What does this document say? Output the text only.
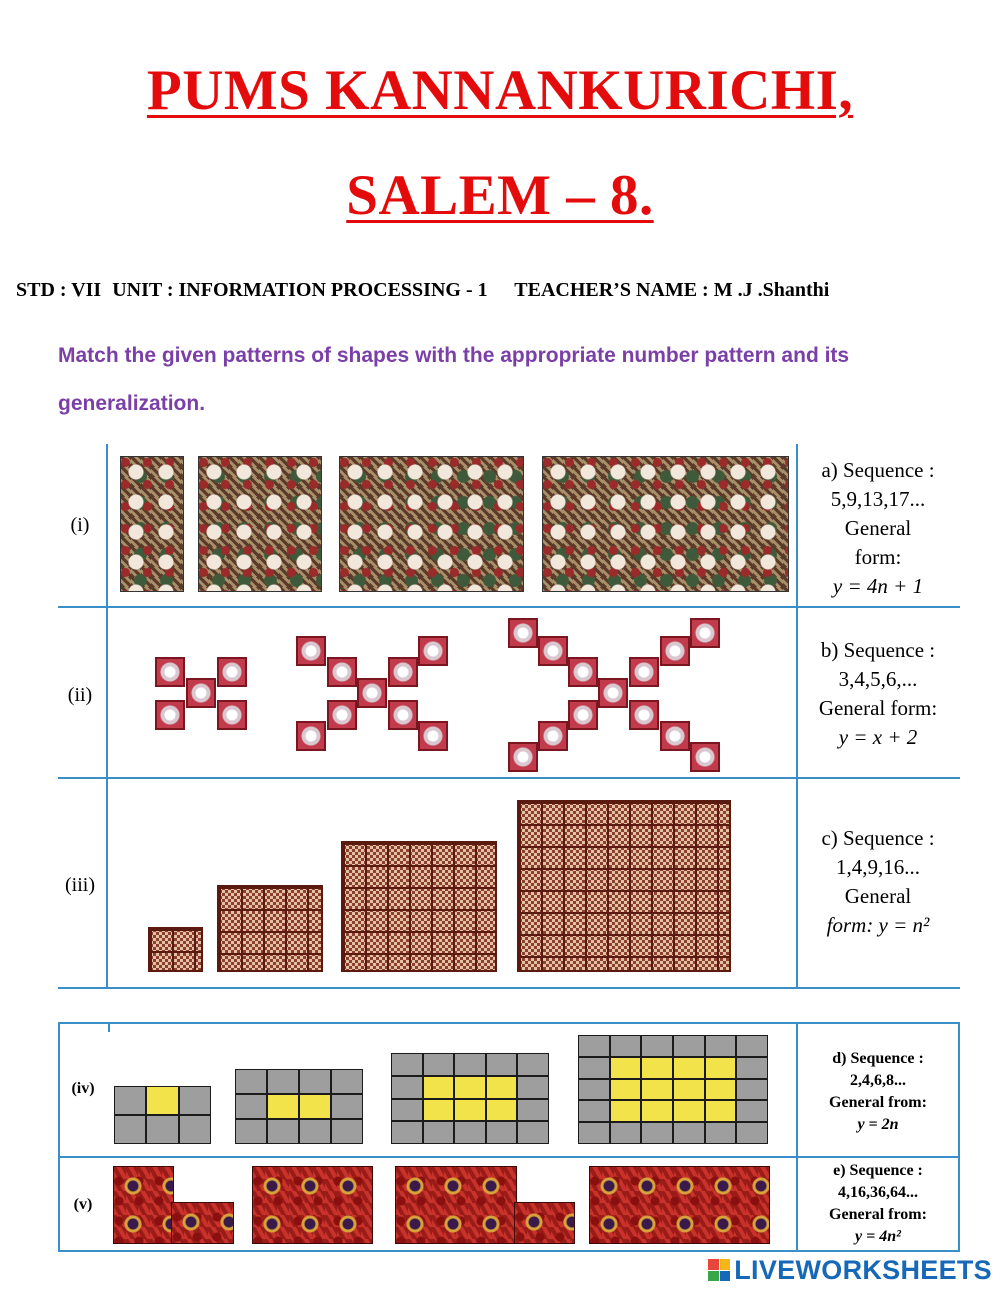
PUMS KANNANKURICHI,
SALEM – 8.
STD : VII UNIT : INFORMATION PROCESSING - 1 TEACHER’S NAME : M .J .Shanthi
Match the given patterns of shapes with the appropriate number pattern and its generalization.
(i)
a) Sequence :
5,9,13,17...
General
form:
y = 4n + 1
(ii)
b) Sequence :
3,4,5,6,...
General form:
y = x + 2
(iii)
c) Sequence :
1,4,9,16...
General
form: y = n²
(iv)
d) Sequence :
2,4,6,8...
General from:
y = 2n
(v)
e) Sequence :
4,16,36,64...
General from:
y = 4n²
LIVEWORKSHEETS
